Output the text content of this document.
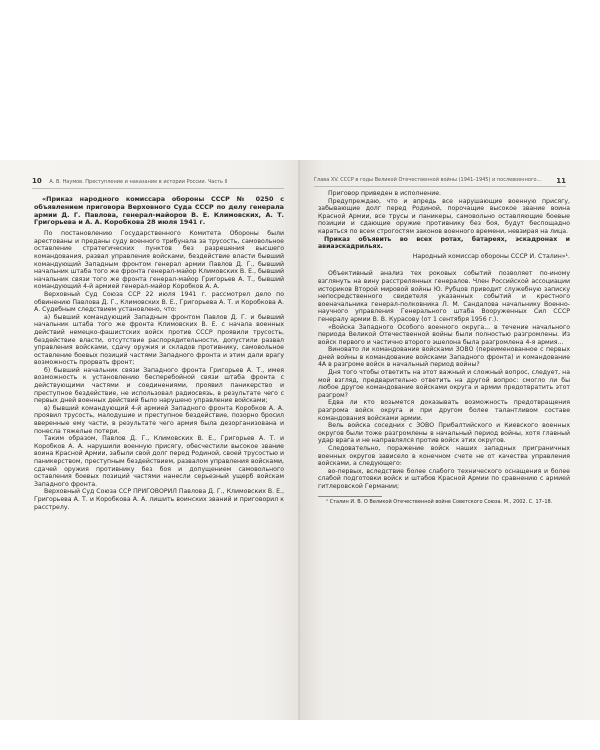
10 А. В. Наумов. Преступление и наказание в истории России. Часть II

«Приказ народного комиссара обороны СССР № 0250 с объявлением приговора Верховного Суда СССР по делу генерала армии Д. Г. Павлова, генерал-майоров В. Е. Климовских, А. Т. Григорьева и А. А. Коробкова 28 июля 1941 г.

По постановлению Государственного Комитета Обороны были арестованы и преданы суду военного трибунала за трусость, самовольное оставление стратегических пунктов без разрешения высшего командования, развал управления войсками, бездействие власти бывший командующий Западным фронтом генерал армии Павлов Д. Г., бывший начальник штаба того же фронта генерал-майор Климовских В. Е., бывший начальник связи того же фронта генерал-майор Григорьев А. Т., бывший командующий 4-й армией генерал-майор Коробков А. А.

Верховный Суд Союза ССР 22 июля 1941 г. рассмотрел дело по обвинению Павлова Д. Г., Климовских В. Е., Григорьева А. Т. и Коробкова А. А. Судебным следствием установлено, что:

а) бывший командующий Западным фронтом Павлов Д. Г. и бывший начальник штаба того же фронта Климовских В. Е. с начала военных действий немецко-фашистских войск против СССР проявили трусость, бездействие власти, отсутствие распорядительности, допустили развал управления войсками, сдачу оружия и складов противнику, самовольное оставление боевых позиций частями Западного фронта и этим дали врагу возможность прорвать фронт;

б) бывший начальник связи Западного фронта Григорьев А. Т., имея возможность к установлению бесперебойной связи штаба фронта с действующими частями и соединениями, проявил паникерство и преступное бездействие, не использовал радиосвязь, в результате чего с первых дней военных действий было нарушено управление войсками;

в) бывший командующий 4-й армией Западного фронта Коробков А. А. проявил трусость, малодушие и преступное бездействие, позорно бросил вверенные ему части, в результате чего армия была дезорганизована и понесла тяжелые потери.

Таким образом, Павлов Д. Г., Климовских В. Е., Григорьев А. Т. и Коробков А. А. нарушили военную присягу, обесчестили высокое звание воина Красной Армии, забыли свой долг перед Родиной, своей трусостью и паникерством, преступным бездействием, развалом управления войсками, сдачей оружия противнику без боя и допущением самовольного оставления боевых позиций частями нанесли серьезный ущерб войскам Западного фронта.

Верховный Суд Союза ССР ПРИГОВОРИЛ Павлова Д. Г., Климовских В. Е., Григорьева А. Т. и Коробкова А. А. лишить воинских званий и приговорил к расстрелу.

Глава XV. СССР в годы Великой Отечественной войны (1941–1945) и послевоенного... 11

Приговор приведен в исполнение.

Предупреждаю, что и впредь все нарушающие военную присягу, забывающие долг перед Родиной, порочащие высокое звание воина Красной Армии, все трусы и паникеры, самовольно оставляющие боевые позиции и сдающие оружие противнику без боя, будут беспощадно караться по всем строгостям законов военного времени, невзирая на лица.

Приказ объявить во всех ротах, батареях, эскадронах и авиаэскадрильях.

Народный комиссар обороны СССР И. Сталин»¹.

Объективный анализ тех роковых событий позволяет по-иному взглянуть на вину расстрелянных генералов. Член Российской ассоциации историков Второй мировой войны Ю. Рубцов приводит служебную записку непосредственного свидетеля указанных событий и крестного военачальника генерал-полковника Л. М. Сандалова начальнику Военно-научного управления Генерального штаба Вооруженных Сил СССР генералу армии В. В. Курасову (от 1 сентября 1956 г.).

«Войска Западного Особого военного округа... в течение начального периода Великой Отечественной войны были полностью разгромлены. Из войск первого и частично второго эшелона была разгромлена 4-я армия...

Виновато ли командование войсками ЗОВО (переименованное с первых дней войны в командование войсками Западного фронта) и командование 4А в разгроме войск в начальный период войны?

Дня того чтобы ответить на этот важный и сложный вопрос, следует, на мой взгляд, предварительно ответить на другой вопрос: смогло ли бы любое другое командование войсками округа и армии предотвратить этот разгром?

Едва ли кто возьмется доказывать возможность предотвращения разгрома войск округа и при другом более талантливом составе командования войсками армии.

Вель войска соседних с ЗОВО Прибалтийского и Киевского военных округов были тоже разгромлены в начальный период войны, хотя главный удар врага и не направлялся против войск этих округов.

Следовательно, поражение войск наших западных приграничных военных округов зависело в конечном счете не от качества управления войсками, а следующего:

во-первых, вследствие более слабого технического оснащения и более слабой подготовки войск и штабов Красной Армии по сравнению с армией гитлеровской Германии;

¹ Сталин И. В. О Великой Отечественной войне Советского Союза. М., 2002. С. 17–18.
